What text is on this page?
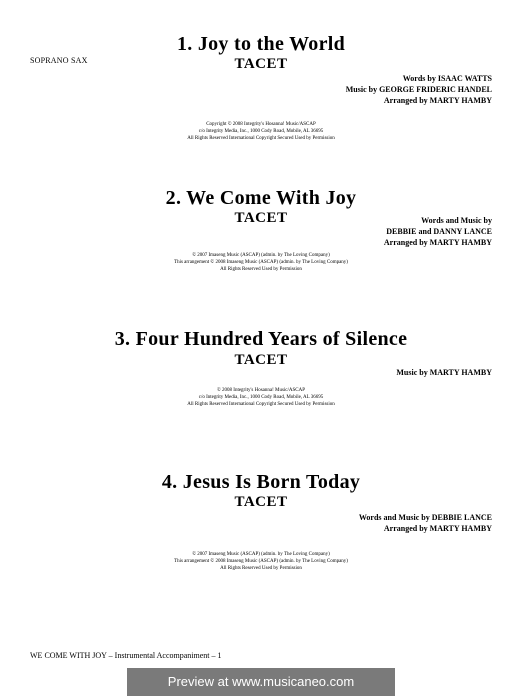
SOPRANO SAX
1. Joy to the World
TACET
Words by ISAAC WATTS
Music by GEORGE FRIDERIC HANDEL
Arranged by MARTY HAMBY
Copyright © 2008 Integrity's Hosanna! Music/ASCAP
c/o Integrity Media, Inc., 1000 Cody Road, Mobile, AL 36695
All Rights Reserved International Copyright Secured Used by Permission
2. We Come With Joy
TACET	Words and Music by
DEBBIE and DANNY LANCE
Arranged by MARTY HAMBY
© 2007 Imaseng Music (ASCAP) (admin. by The Loving Company)
This arrangement © 2008 Imaseng Music (ASCAP) (admin. by The Loving Company)
All Rights Reserved Used by Permission
3. Four Hundred Years of Silence
TACET
Music by MARTY HAMBY
© 2008 Integrity's Hosanna! Music/ASCAP
c/o Integrity Media, Inc., 1000 Cody Road, Mobile, AL 36695
All Rights Reserved International Copyright Secured Used by Permission
4. Jesus Is Born Today
TACET
Words and Music by DEBBIE LANCE
Arranged by MARTY HAMBY
© 2007 Imaseng Music (ASCAP) (admin. by The Loving Company)
This arrangement © 2008 Imaseng Music (ASCAP) (admin. by The Loving Company)
All Rights Reserved Used by Permission
WE COME WITH JOY – Instrumental Accompaniment – 1
Preview at www.musicaneo.com
